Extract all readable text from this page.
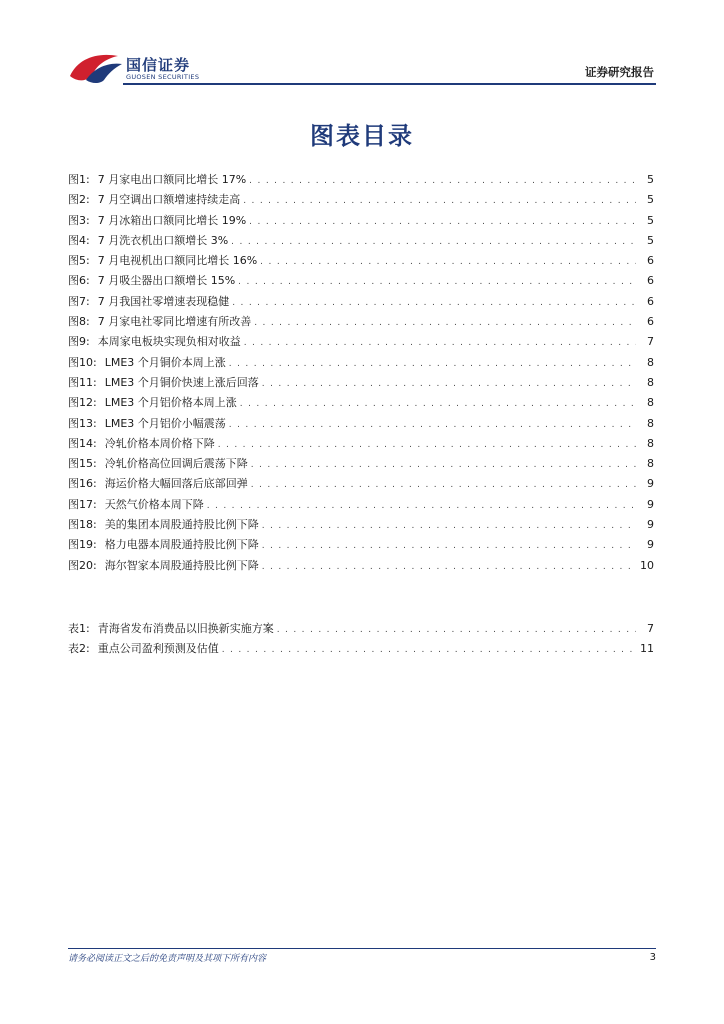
国信证券
GUOSEN SECURITIES	证券研究报告
图表目录
图1: 7 月家电出口额同比增长 17% . . .	5
图2: 7 月空调出口额增速持续走高 . . .	5
图3: 7 月冰箱出口额同比增长 19% . . .	5
图4: 7 月洗衣机出口额增长 3% . . .	5
图5: 7 月电视机出口额同比增长 16% . . .	6
图6: 7 月吸尘器出口额增长 15% . . .	6
图7: 7 月我国社零增速表现稳健 . . .	6
图8: 7 月家电社零同比增速有所改善 . . .	6
图9: 本周家电板块实现负相对收益 . . .	7
图10: LME3 个月铜价本周上涨 . . .	8
图11: LME3 个月铜价快速上涨后回落 . . .	8
图12: LME3 个月铝价格本周上涨 . . .	8
图13: LME3 个月铝价小幅震荡 . . .	8
图14: 冷轧价格本周价格下降 . . .	8
图15: 冷轧价格高位回调后震荡下降 . . .	8
图16: 海运价格大幅回落后底部回弹 . . .	9
图17: 天然气价格本周下降 . . .	9
图18: 美的集团本周股通持股比例下降 . . .	9
图19: 格力电器本周股通持股比例下降 . . .	9
图20: 海尔智家本周股通持股比例下降 . . .	10
表1: 青海省发布消费品以旧换新实施方案 . . .	7
表2: 重点公司盈利预测及估值 . . .	11
请务必阅读正文之后的免责声明及其项下所有内容	3
